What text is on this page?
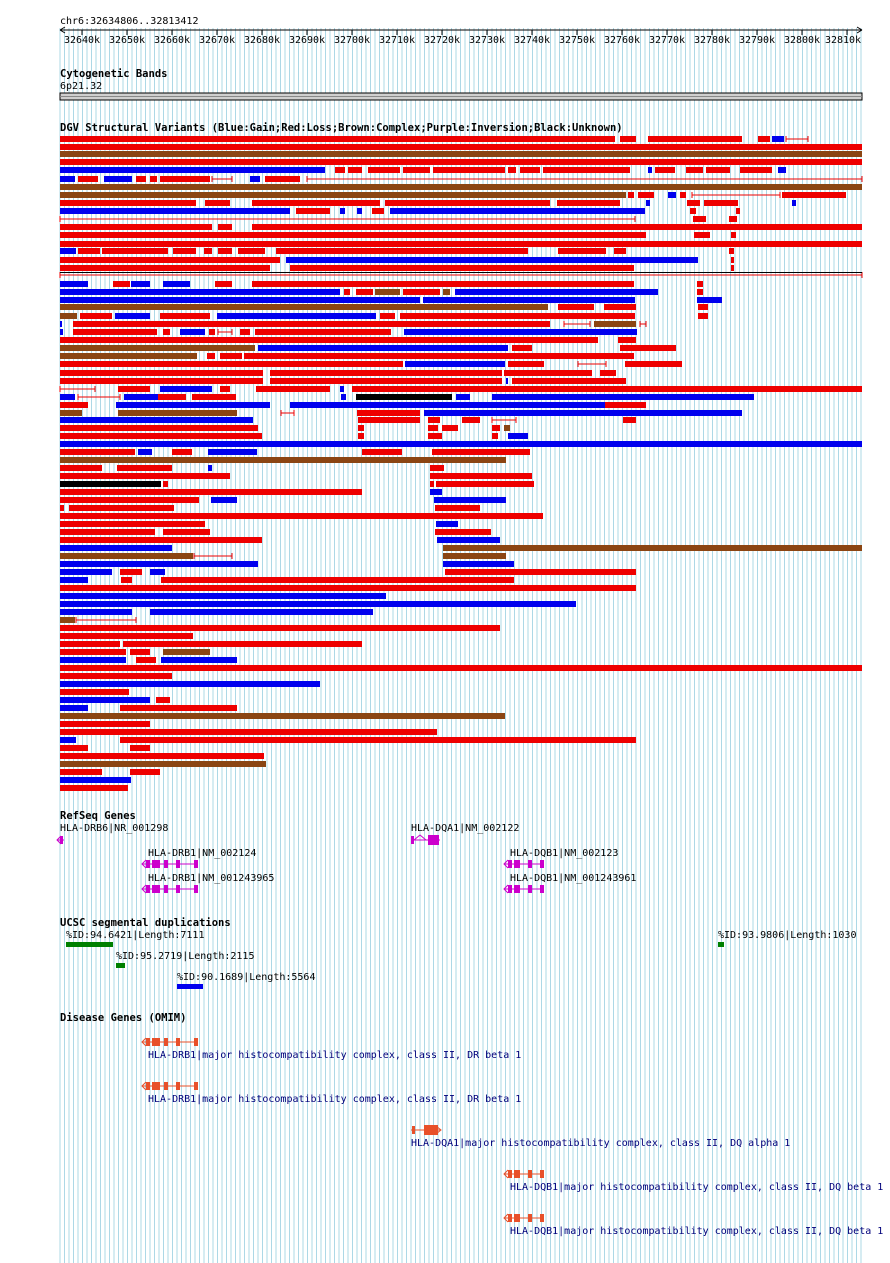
chr6:32634806..32813412
32640k 32650k 32660k 32670k 32680k 32690k 32700k 32710k 32720k 32730k 32740k 32750k 32760k 32770k 32780k 32790k 32800k 32810k
Cytogenetic Bands
6p21.32
DGV Structural Variants (Blue:Gain;Red:Loss;Brown:Complex;Purple:Inversion;Black:Unknown)
RefSeq Genes
HLA-DRB6|NR_001298	HLA-DQA1|NM_002122
HLA-DRB1|NM_002124	HLA-DQB1|NM_002123
HLA-DRB1|NM_001243965	HLA-DQB1|NM_001243961
UCSC segmental duplications
%ID:94.6421|Length:7111
%ID:95.2719|Length:2115
%ID:90.1689|Length:5564
%ID:93.9806|Length:1030
Disease Genes (OMIM)
HLA-DRB1|major histocompatibility complex, class II, DR beta 1
HLA-DRB1|major histocompatibility complex, class II, DR beta 1
HLA-DQA1|major histocompatibility complex, class II, DQ alpha 1
HLA-DQB1|major histocompatibility complex, class II, DQ beta 1
HLA-DQB1|major histocompatibility complex, class II, DQ beta 1
